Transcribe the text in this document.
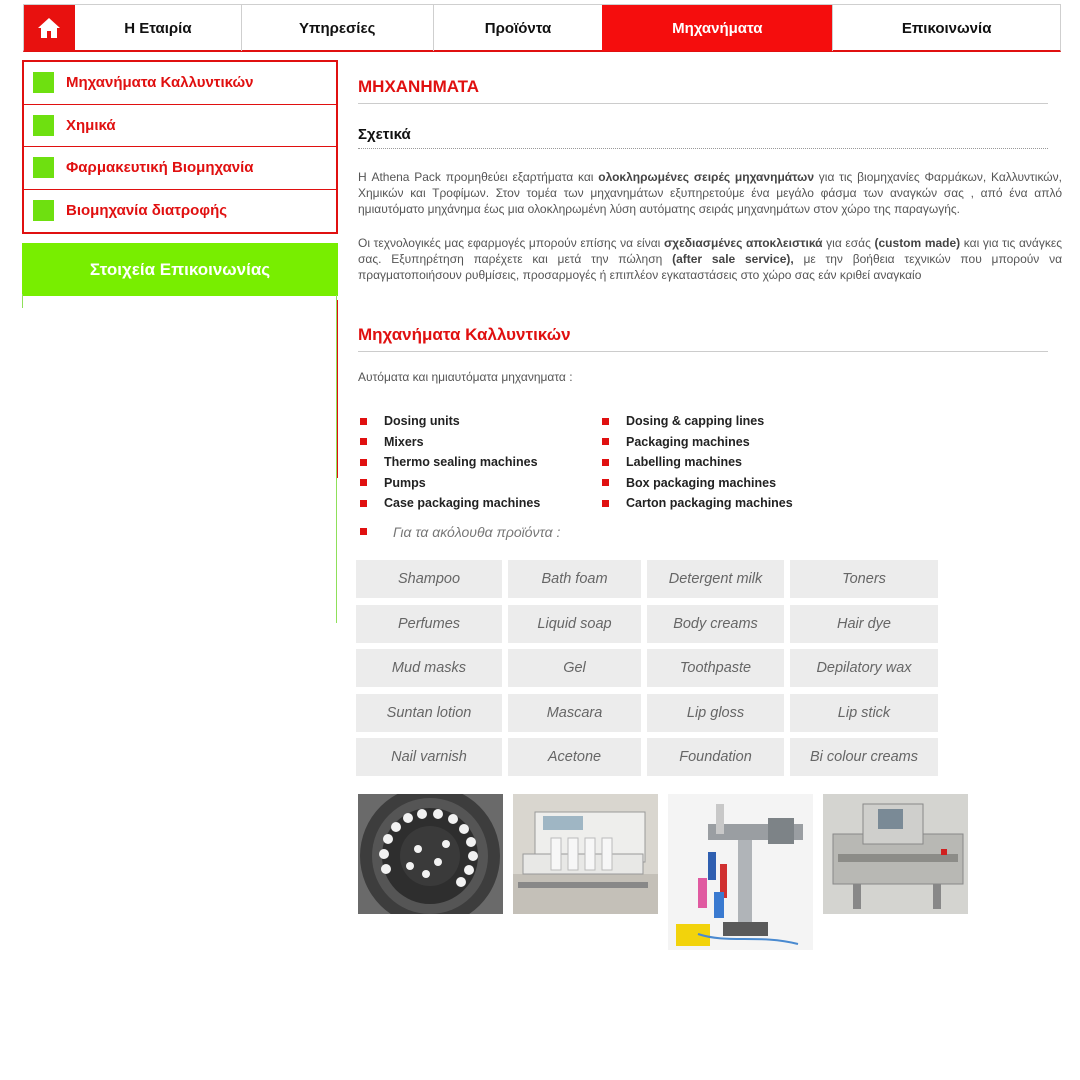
Η Εταιρία	Υπηρεσίες	Προϊόντα	Μηχανήματα	Επικοινωνία
Μηχανήματα Καλλυντικών
Χημικά
Φαρμακευτική Βιομηχανία
Βιομηχανία διατροφής
Στοιχεία Επικοινωνίας
ΜΗΧΑΝΗΜΑΤΑ
Σχετικά

Η Athena Pack προμηθεύει εξαρτήματα και ολοκληρωμένες σειρές μηχανημάτων για τις βιομηχανίες Φαρμάκων, Καλλυντικών, Χημικών και Τροφίμων. Στον τομέα των μηχανημάτων εξυπηρετούμε ένα μεγάλο φάσμα των αναγκών σας , από ένα απλό ημιαυτόματο μηχάνημα έως μια ολοκληρωμένη λύση αυτόματης σειράς μηχανημάτων στον χώρο της παραγωγής.

Οι τεχνολογικές μας εφαρμογές μπορούν επίσης να είναι σχεδιασμένες αποκλειστικά για εσάς (custom made) και για τις ανάγκες σας. Εξυπηρέτηση παρέχετε και μετά την πώληση (after sale service), με την βοήθεια τεχνικών που μπορούν να πραγματοποιήσουν ρυθμίσεις, προσαρμογές ή επιπλέον εγκαταστάσεις στο χώρο σας εάν κριθεί αναγκαίο

Μηχανήματα Καλλυντικών
Αυτόματα και ημιαυτόματα μηχανηματα :
Dosing units
Mixers
Thermo sealing machines
Pumps
Case packaging machines
Dosing & capping lines
Packaging machines
Labelling machines
Box packaging machines
Carton packaging machines
Για τα ακόλουθα προϊόντα :
Shampoo	Bath foam	Detergent milk	Toners
Perfumes	Liquid soap	Body creams	Hair dye
Mud masks	Gel	Toothpaste	Depilatory wax
Suntan lotion	Mascara	Lip gloss	Lip stick
Nail varnish	Acetone	Foundation	Bi colour creams
